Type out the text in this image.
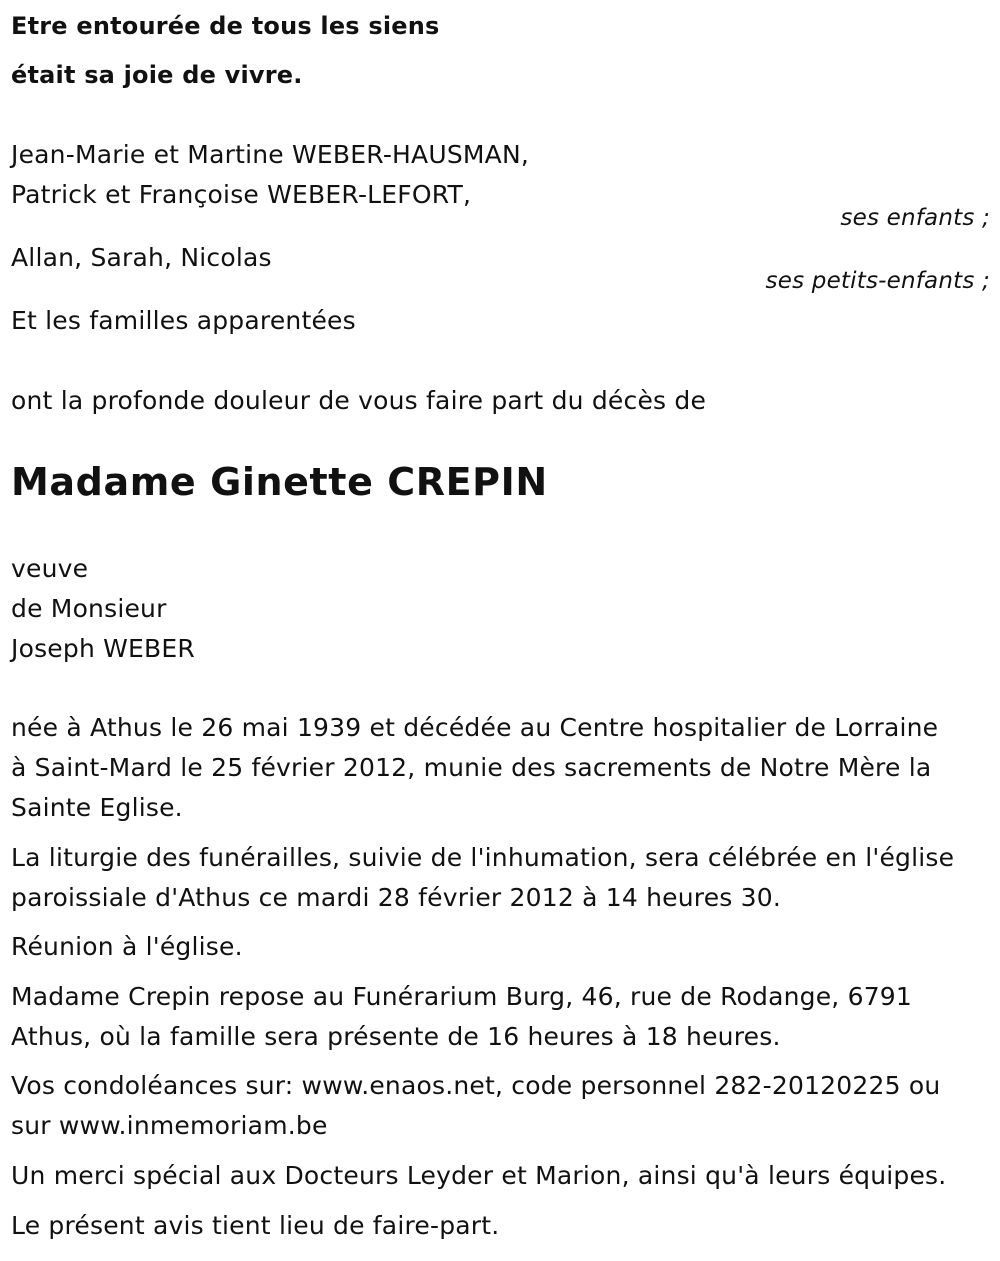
Etre entourée de tous les siens
était sa joie de vivre.
Jean-Marie et Martine WEBER-HAUSMAN,
Patrick et Françoise WEBER-LEFORT,
ses enfants ;
Allan, Sarah, Nicolas
ses petits-enfants ;
Et les familles apparentées
ont la profonde douleur de vous faire part du décès de
Madame Ginette CREPIN
veuve
de Monsieur
Joseph WEBER
née à Athus le 26 mai 1939 et décédée au Centre hospitalier de Lorraine
à Saint-Mard le 25 février 2012, munie des sacrements de Notre Mère la
Sainte Eglise.
La liturgie des funérailles, suivie de l'inhumation, sera célébrée en l'église
paroissiale d'Athus ce mardi 28 février 2012 à 14 heures 30.
Réunion à l'église.
Madame Crepin repose au Funérarium Burg, 46, rue de Rodange, 6791
Athus, où la famille sera présente de 16 heures à 18 heures.
Vos condoléances sur: www.enaos.net, code personnel 282-20120225 ou
sur www.inmemoriam.be
Un merci spécial aux Docteurs Leyder et Marion, ainsi qu'à leurs équipes.
Le présent avis tient lieu de faire-part.
